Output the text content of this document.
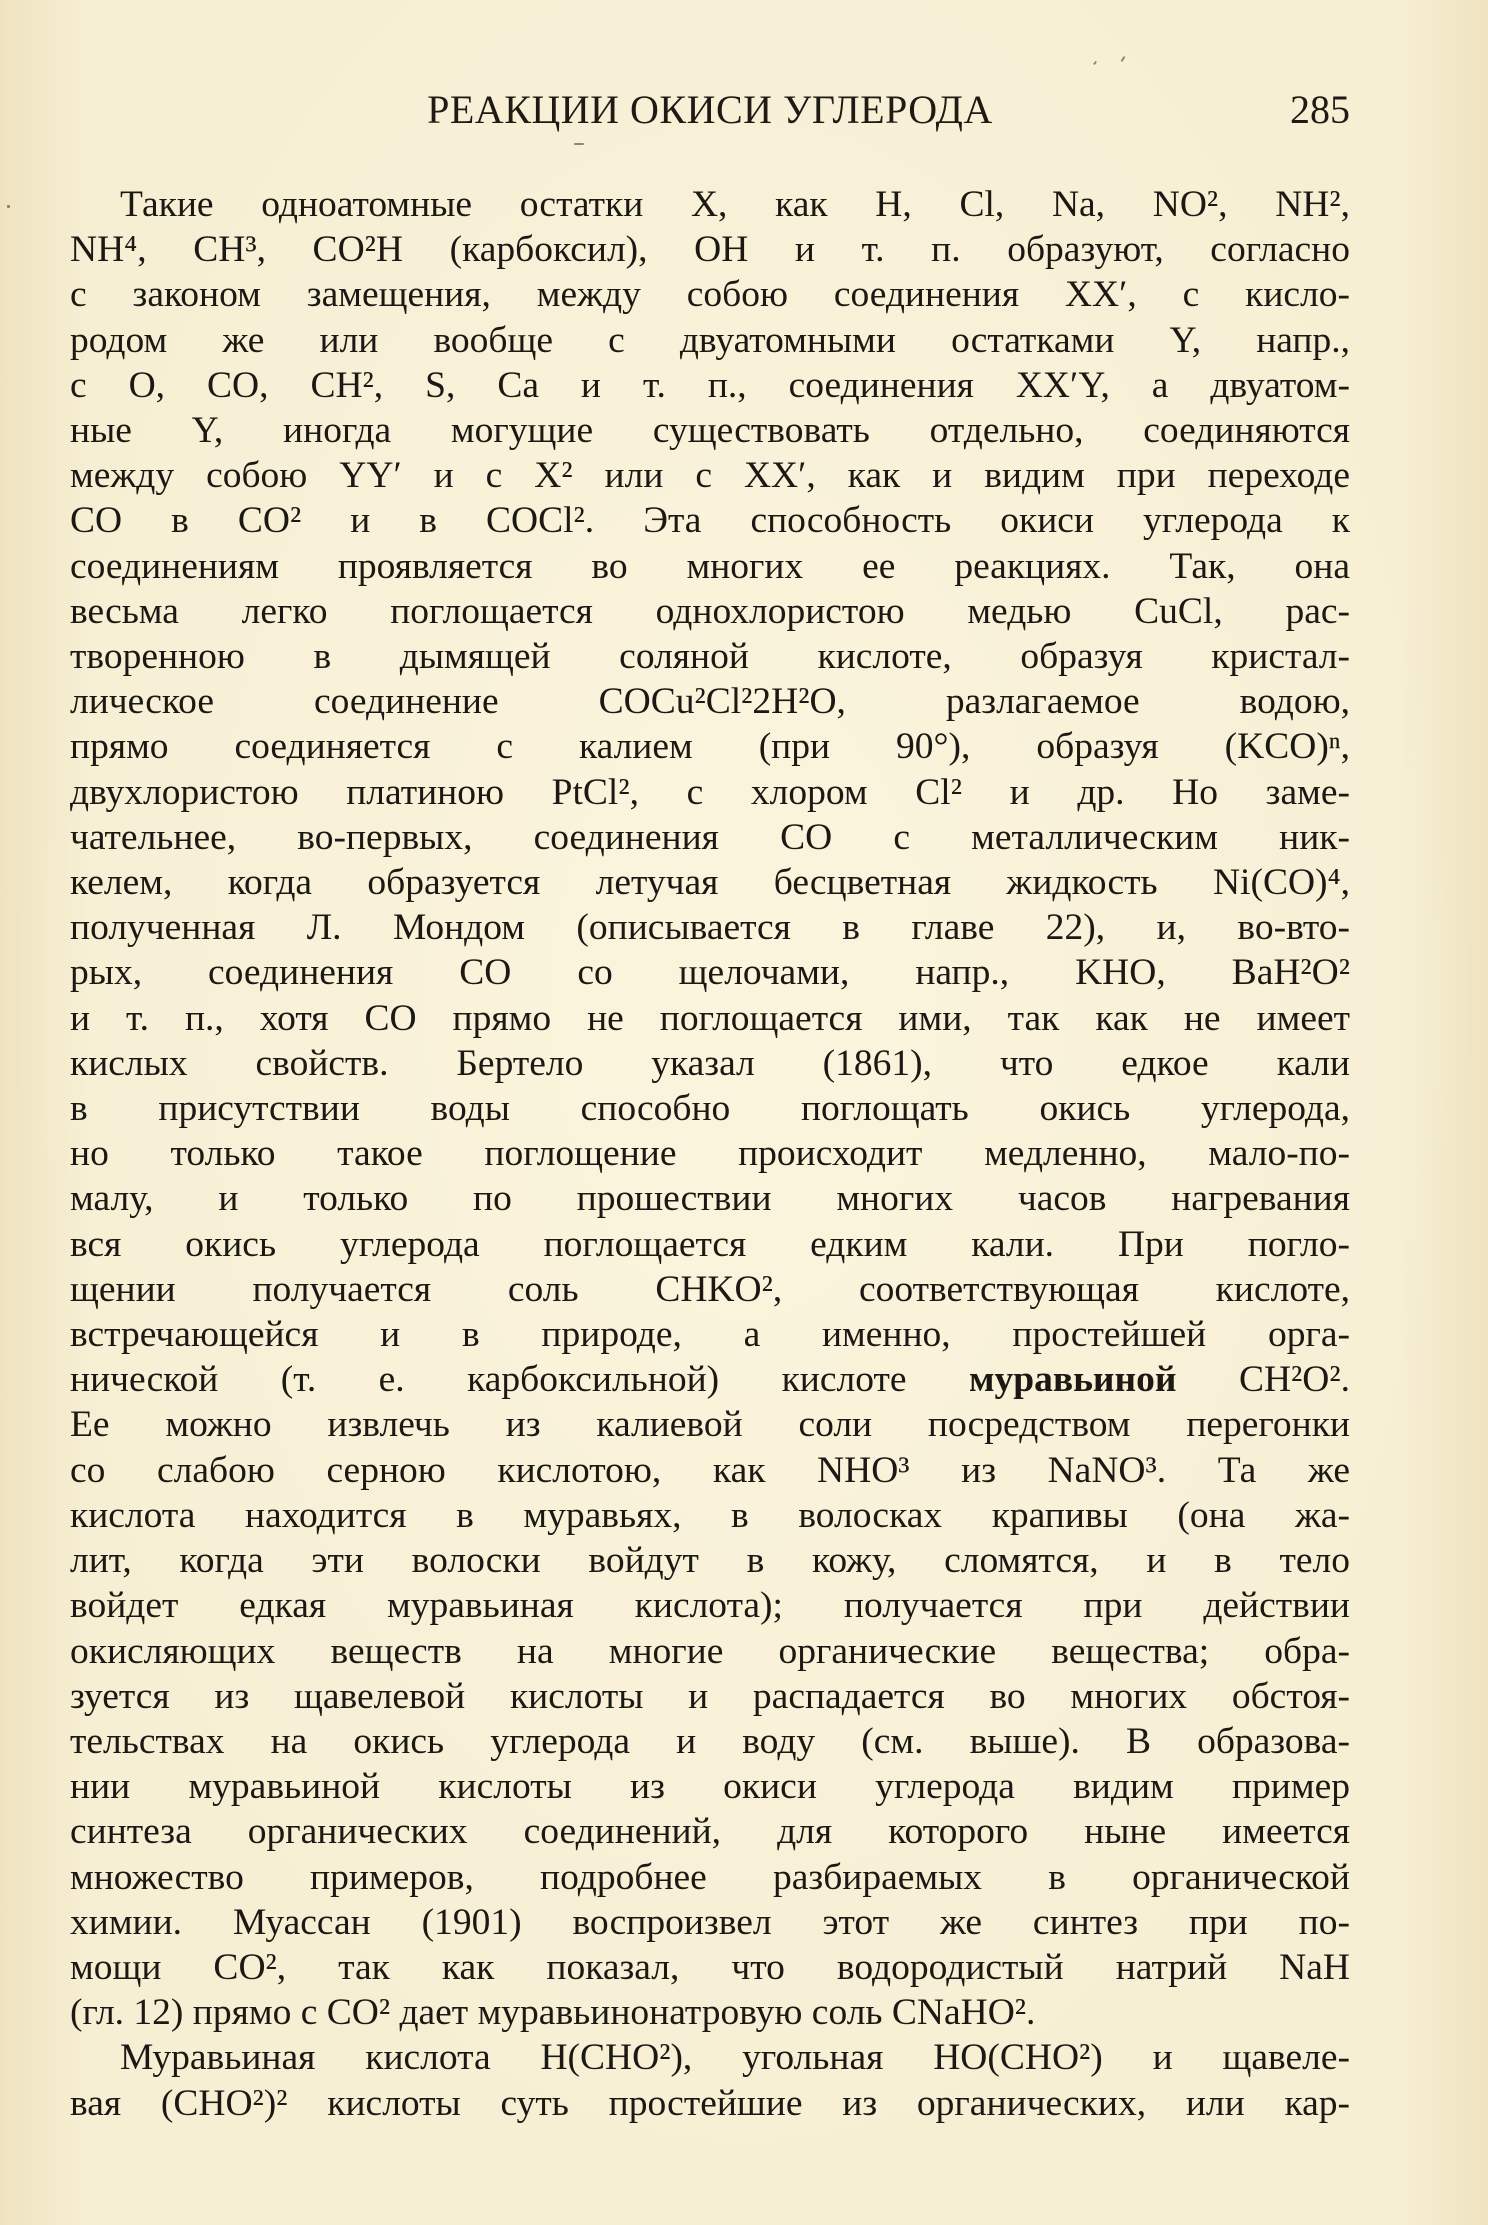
РЕАКЦИИ ОКИСИ УГЛЕРОДА	285
Такие одноатомные остатки X, как H, Cl, Na, NO², NH²,
NH⁴, CH³, CO²H (карбоксил), OH и т. п. образуют, согласно
с законом замещения, между собою соединения XX′, с кисло-
родом же или вообще с двуатомными остатками Y, напр.,
с O, CO, CH², S, Ca и т. п., соединения XX′Y, а двуатом-
ные Y, иногда могущие существовать отдельно, соединяются
между собою YY′ и с X² или с XX′, как и видим при переходе
CO в CO² и в COCl². Эта способность окиси углерода к
соединениям проявляется во многих ее реакциях. Так, она
весьма легко поглощается однохлористою медью CuCl, рас-
творенною в дымящей соляной кислоте, образуя кристал-
лическое соединение COCu²Cl²2H²O, разлагаемое водою,
прямо соединяется с калием (при 90°), образуя (KCO)ⁿ,
двухлористою платиною PtCl², с хлором Cl² и др. Но заме-
чательнее, во-первых, соединения CO с металлическим ник-
келем, когда образуется летучая бесцветная жидкость Ni(CO)⁴,
полученная Л. Мондом (описывается в главе 22), и, во-вто-
рых, соединения CO со щелочами, напр., KHO, BaH²O²
и т. п., хотя CO прямо не поглощается ими, так как не имеет
кислых свойств. Бертело указал (1861), что едкое кали
в присутствии воды способно поглощать окись углерода,
но только такое поглощение происходит медленно, мало-по-
малу, и только по прошествии многих часов нагревания
вся окись углерода поглощается едким кали. При погло-
щении получается соль CHKO², соответствующая кислоте,
встречающейся и в природе, а именно, простейшей орга-
нической (т. е. карбоксильной) кислоте муравьиной CH²O².
Ее можно извлечь из калиевой соли посредством перегонки
со слабою серною кислотою, как NHO³ из NaNO³. Та же
кислота находится в муравьях, в волосках крапивы (она жа-
лит, когда эти волоски войдут в кожу, сломятся, и в тело
войдет едкая муравьиная кислота); получается при действии
окисляющих веществ на многие органические вещества; обра-
зуется из щавелевой кислоты и распадается во многих обстоя-
тельствах на окись углерода и воду (см. выше). В образова-
нии муравьиной кислоты из окиси углерода видим пример
синтеза органических соединений, для которого ныне имеется
множество примеров, подробнее разбираемых в органической
химии. Муассан (1901) воспроизвел этот же синтез при по-
мощи CO², так как показал, что водородистый натрий NaH
(гл. 12) прямо с CO² дает муравьинонатровую соль CNaHO².
Муравьиная кислота H(CHO²), угольная HO(CHO²) и щавеле-
вая (CHO²)² кислоты суть простейшие из органических, или кар-
